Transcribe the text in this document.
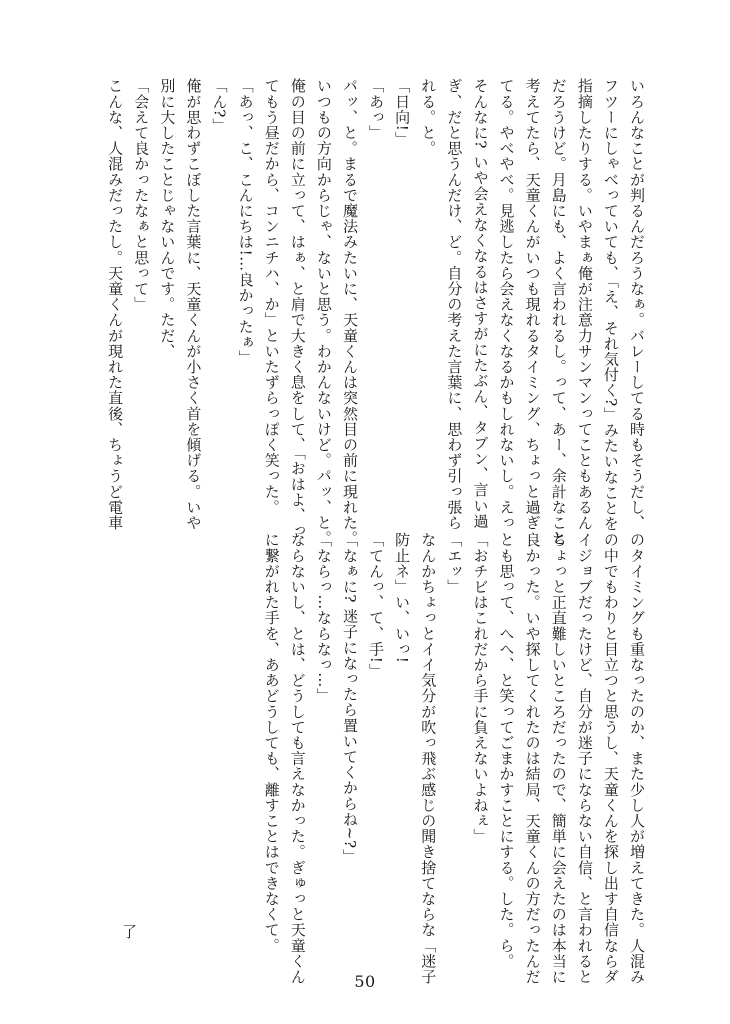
いろんなことが判るんだろうなぁ。バレーしてる時もそうだし、

フツーにしゃべっていても、「え、それ気付く?」みたいなことを

指摘したりする。いやまぁ俺が注意力サンマンってこともあるん

だろうけど。月島にも、よく言われるし。って、あー、余計なこと

考えてたら、天童くんがいつも現れるタイミング、ちょっと過ぎ

てる。やべやべ。見逃したら会えなくなるかもしれないし。えっ

そんなに? いや会えなくなるはさすがにたぶん、タブン、言い過

ぎ、だと思うんだけ、ど。自分の考えた言葉に、思わず引っ張ら

れる。と。

「日向!」

「あっ」

パッ、と。まるで魔法みたいに、天童くんは突然目の前に現れた。

いつもの方向からじゃ、ないと思う。わかんないけど。パッ、と。

俺の目の前に立って、はぁ、と肩で大きく息をして、「おはよ、っ

てもう昼だから、コンニチハ、か」といたずらっぽく笑った。

「あっ、こ、こんにちは!…良かったぁ」

「ん?」

俺が思わずこぼした言葉に、天童くんが小さく首を傾げる。いや

別に大したことじゃないんです。ただ、

「会えて良かったなぁと思って」

こんな、人混みだったし。天童くんが現れた直後、ちょうど電車

のタイミングも重なったのか、また少し人が増えてきた。人混み

の中でもわりと目立つと思うし、天童くんを探し出す自信ならダ

イジョブだったけど、自分が迷子にならない自信、と言われると

ちょっと正直難しいところだったので、簡単に会えたのは本当に

良かった。いや探してくれたのは結局、天童くんの方だったんだ

とも思って、へへ、と笑ってごまかすことにする。した。ら。

「おチビはこれだから手に負えないよねぇ」

「エッ」

なんかちょっとイイ気分が吹っ飛ぶ感じの聞き捨てならな「迷子

防止ネ」い、いっ!

「てんっ、て、手!」

「なぁに? 迷子になったら置いてくからね~?」

「ならっ…ならなっ…」

ならないし、とは、どうしても言えなかった。ぎゅっと天童くん

に繋がれた手を、ああどうしても、離すことはできなくて。

了
50
